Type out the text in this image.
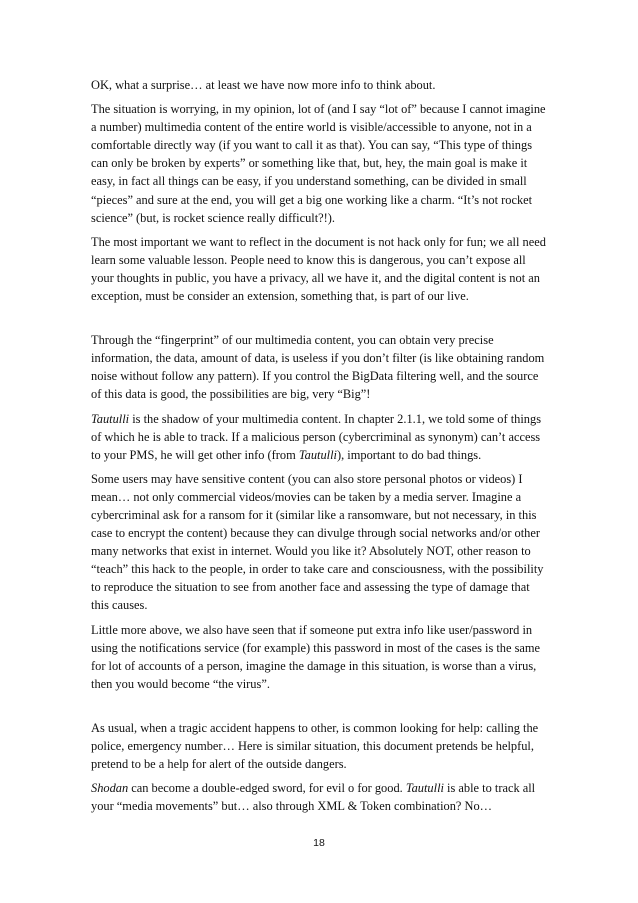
OK, what a surprise… at least we have now more info to think about.

The situation is worrying, in my opinion, lot of (and I say “lot of” because I cannot imagine a number) multimedia content of the entire world is visible/accessible to anyone, not in a comfortable directly way (if you want to call it as that). You can say, “This type of things can only be broken by experts” or something like that, but, hey, the main goal is make it easy, in fact all things can be easy, if you understand something, can be divided in small “pieces” and sure at the end, you will get a big one working like a charm. “It’s not rocket science” (but, is rocket science really difficult?!).

The most important we want to reflect in the document is not hack only for fun; we all need learn some valuable lesson. People need to know this is dangerous, you can’t expose all your thoughts in public, you have a privacy, all we have it, and the digital content is not an exception, must be consider an extension, something that, is part of our live.

Through the “fingerprint” of our multimedia content, you can obtain very precise information, the data, amount of data, is useless if you don’t filter (is like obtaining random noise without follow any pattern). If you control the BigData filtering well, and the source of this data is good, the possibilities are big, very “Big”!

Tautulli is the shadow of your multimedia content. In chapter 2.1.1, we told some of things of which he is able to track. If a malicious person (cybercriminal as synonym) can’t access to your PMS, he will get other info (from Tautulli), important to do bad things.

Some users may have sensitive content (you can also store personal photos or videos) I mean… not only commercial videos/movies can be taken by a media server. Imagine a cybercriminal ask for a ransom for it (similar like a ransomware, but not necessary, in this case to encrypt the content) because they can divulge through social networks and/or other many networks that exist in internet. Would you like it? Absolutely NOT, other reason to “teach” this hack to the people, in order to take care and consciousness, with the possibility to reproduce the situation to see from another face and assessing the type of damage that this causes.

Little more above, we also have seen that if someone put extra info like user/password in using the notifications service (for example) this password in most of the cases is the same for lot of accounts of a person, imagine the damage in this situation, is worse than a virus, then you would become “the virus”.

As usual, when a tragic accident happens to other, is common looking for help: calling the police, emergency number… Here is similar situation, this document pretends be helpful, pretend to be a help for alert of the outside dangers.

Shodan can become a double-edged sword, for evil o for good. Tautulli is able to track all your “media movements” but… also through XML & Token combination? No…

18
